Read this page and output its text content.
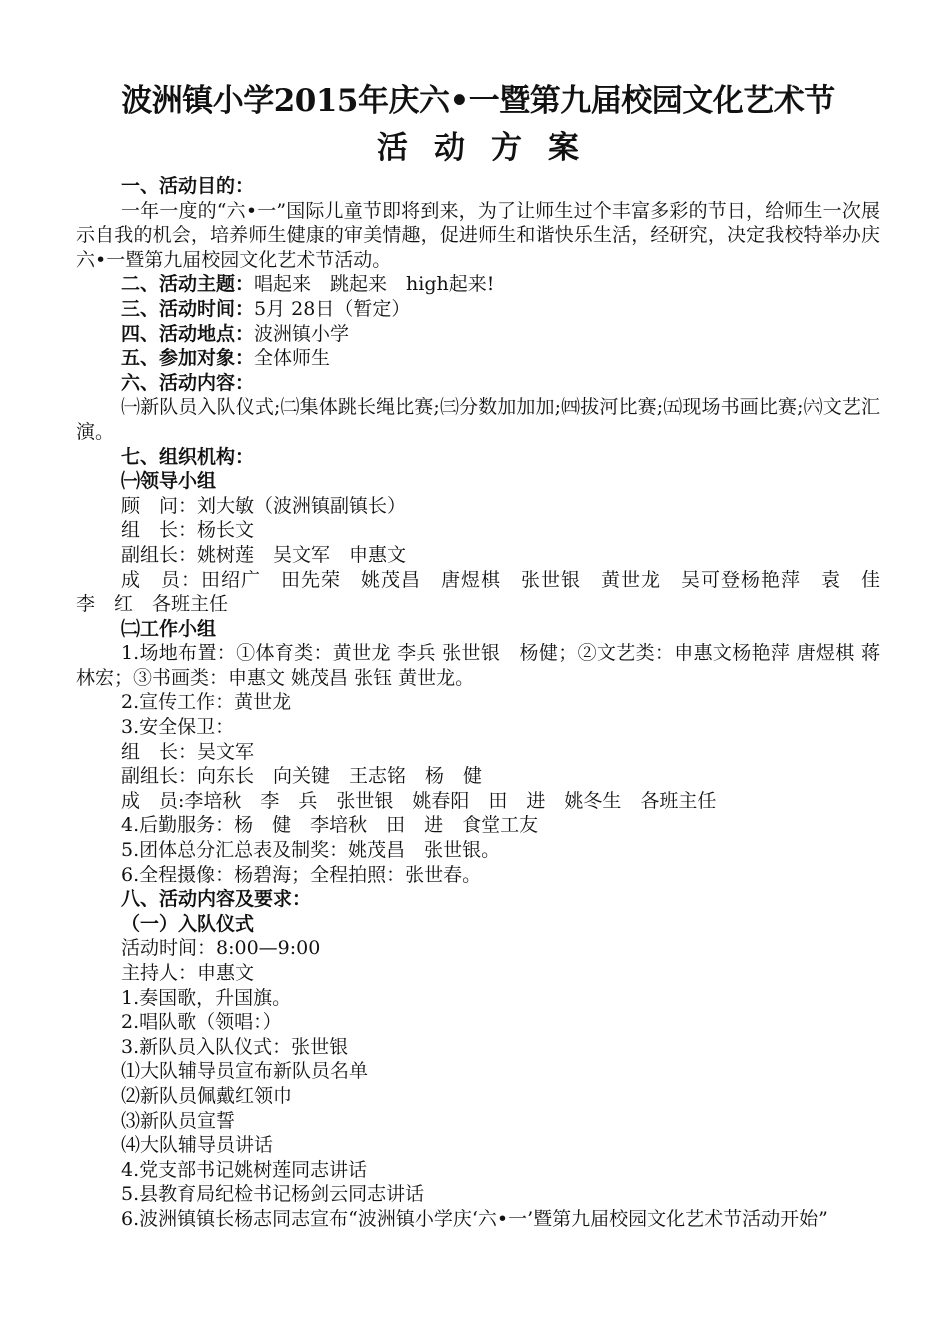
波洲镇小学2015年庆六•一暨第九届校园文化艺术节
活动方案
一、活动目的：
一年一度的“六•一”国际儿童节即将到来，为了让师生过个丰富多彩的节日，给师生一次展示自我的机会，培养师生健康的审美情趣，促进师生和谐快乐生活，经研究，决定我校特举办庆六•一暨第九届校园文化艺术节活动。
二、活动主题：唱起来　跳起来　high起来!
三、活动时间：5月 28日（暂定）
四、活动地点：波洲镇小学
五、参加对象：全体师生
六、活动内容：
㈠新队员入队仪式;㈡集体跳长绳比赛;㈢分数加加加;㈣拔河比赛;㈤现场书画比赛;㈥文艺汇演。
七、组织机构：
㈠领导小组
顾　问：刘大敏（波洲镇副镇长）
组　长：杨长文
副组长：姚树莲　吴文军　申惠文
成　员：田绍广　田先荣　姚茂昌　唐煜棋　张世银　黄世龙　吴可登杨艳萍　袁　佳　李　红　各班主任
㈡工作小组
1.场地布置：①体育类：黄世龙 李兵 张世银　杨健；②文艺类：申惠文杨艳萍 唐煜棋 蒋林宏；③书画类：申惠文 姚茂昌 张钰 黄世龙。
2.宣传工作：黄世龙
3.安全保卫：
组　长：吴文军
副组长：向东长　向关键　王志铭　杨　健
成　员:李培秋　李　兵　张世银　姚春阳　田　进　姚冬生　各班主任
4.后勤服务：杨　健　李培秋　田　进　食堂工友
5.团体总分汇总表及制奖：姚茂昌　张世银。
6.全程摄像：杨碧海；全程拍照：张世春。
八、活动内容及要求：
（一）入队仪式
活动时间：8:00—9:00
主持人：申惠文
1.奏国歌，升国旗。
2.唱队歌（领唱：）
3.新队员入队仪式：张世银
⑴大队辅导员宣布新队员名单
⑵新队员佩戴红领巾
⑶新队员宣誓
⑷大队辅导员讲话
4.党支部书记姚树莲同志讲话
5.县教育局纪检书记杨剑云同志讲话
6.波洲镇镇长杨志同志宣布“波洲镇小学庆‘六•一’暨第九届校园文化艺术节活动开始”
